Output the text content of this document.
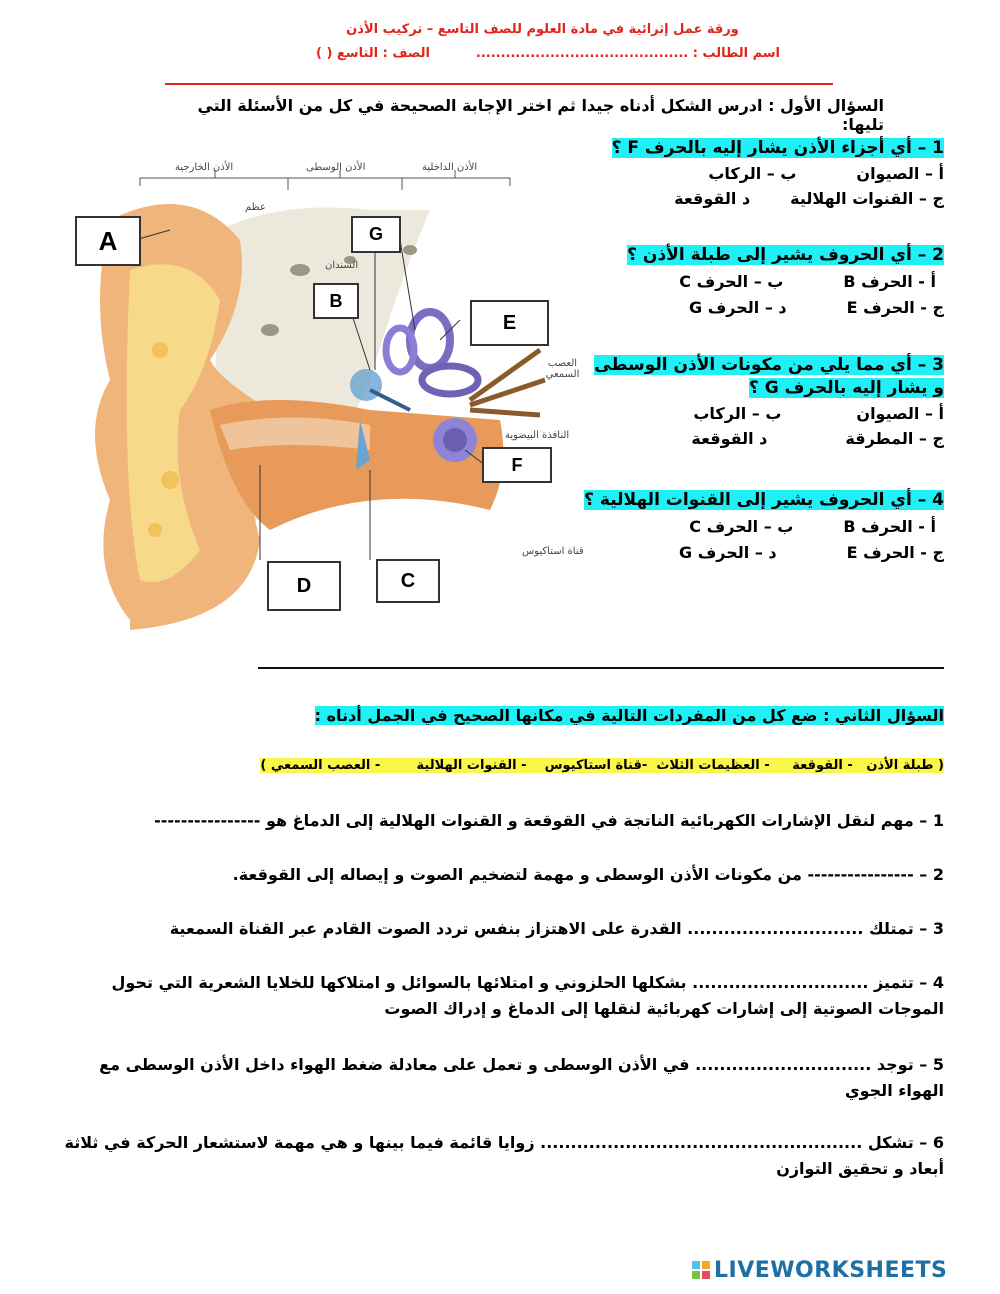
ورقة عمل إثرائية في مادة العلوم للصف التاسع – تركيب الأذن
اسم الطالب : ...........................................
الصف : التاسع ( )
السؤال الأول : ادرس الشكل أدناه جيدا ثم اختر الإجابة الصحيحة في كل من الأسئلة التي تليها:
الأذن الخارجية	الأذن الوسطى	الأذن الداخلية
عظم
السندان
العصب السمعي
النافذة البيضوية
قناة استاكيوس
A	G
B
E
F
D	C
1 – أي أجزاء الأذن يشار إليه بالحرف F ؟
أ – الصيوان
ب – الركاب
ج – القنوات الهلالية
د القوقعة
2 – أي الحروف يشير إلى طبلة الأذن ؟
أ - الحرف B
ب – الحرف C
ج - الحرف E
د – الحرف G
3 – أي مما يلي من مكونات الأذن الوسطى
و يشار إليه بالحرف G ؟
أ – الصيوان
ب – الركاب
ج – المطرقة
د القوقعة
4 – أي الحروف يشير إلى القنوات الهلالية ؟
أ - الحرف B
ب – الحرف C
ج - الحرف E
د – الحرف G
السؤال الثاني : ضع كل من المفردات التالية في مكانها الصحيح في الجمل أدناه :
( طبلة الأذن   - القوقعة     - العظيمات الثلاث  -قناة استاكيوس    - القنوات الهلالية        - العصب السمعي )
1 – مهم لنقل الإشارات الكهربائية الناتجة في القوقعة و القنوات الهلالية إلى الدماغ هو ----------------
2 – ---------------- من مكونات الأذن الوسطى و مهمة لتضخيم الصوت و إيصاله إلى القوقعة.
3 – تمتلك ............................. القدرة على الاهتزاز بنفس تردد الصوت القادم عبر القناة السمعية
4 – تتميز ............................. بشكلها الحلزوني و امتلائها بالسوائل و امتلاكها للخلايا الشعرية التي تحول
الموجات الصوتية إلى إشارات كهربائية لنقلها إلى الدماغ و إدراك الصوت
5 – توجد ............................. في الأذن الوسطى و تعمل على معادلة ضغط الهواء داخل الأذن الوسطى مع
الهواء الجوي
6 – تشكل ..................................................... زوايا قائمة فيما بينها و هي مهمة لاستشعار الحركة في ثلاثة
أبعاد و تحقيق التوازن
LIVEWORKSHEETS
